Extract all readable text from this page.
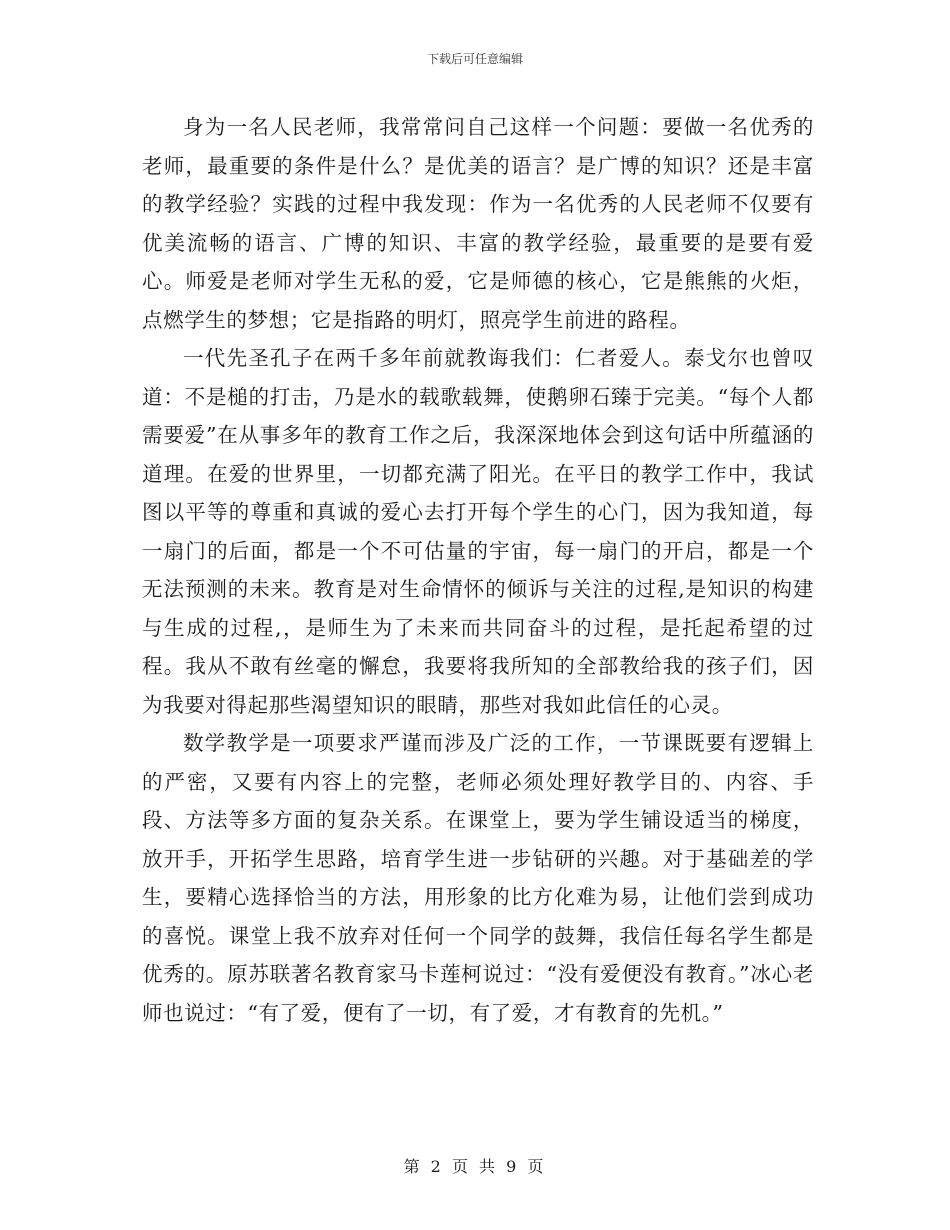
下载后可任意编辑

身为一名人民老师，我常常问自己这样一个问题：要做一名优秀的老师，最重要的条件是什么？是优美的语言？是广博的知识？还是丰富的教学经验？实践的过程中我发现：作为一名优秀的人民老师不仅要有优美流畅的语言、广博的知识、丰富的教学经验，最重要的是要有爱心。师爱是老师对学生无私的爱，它是师德的核心，它是熊熊的火炬，点燃学生的梦想；它是指路的明灯，照亮学生前进的路程。

一代先圣孔子在两千多年前就教诲我们：仁者爱人。泰戈尔也曾叹道：不是槌的打击，乃是水的载歌载舞，使鹅卵石臻于完美。“每个人都需要爱”在从事多年的教育工作之后，我深深地体会到这句话中所蕴涵的道理。在爱的世界里，一切都充满了阳光。在平日的教学工作中，我试图以平等的尊重和真诚的爱心去打开每个学生的心门，因为我知道，每一扇门的后面，都是一个不可估量的宇宙，每一扇门的开启，都是一个无法预测的未来。教育是对生命情怀的倾诉与关注的过程,是知识的构建与生成的过程,，是师生为了未来而共同奋斗的过程，是托起希望的过程。我从不敢有丝毫的懈怠，我要将我所知的全部教给我的孩子们，因为我要对得起那些渴望知识的眼睛，那些对我如此信任的心灵。

数学教学是一项要求严谨而涉及广泛的工作，一节课既要有逻辑上的严密，又要有内容上的完整，老师必须处理好教学目的、内容、手段、方法等多方面的复杂关系。在课堂上，要为学生铺设适当的梯度，放开手，开拓学生思路，培育学生进一步钻研的兴趣。对于基础差的学生，要精心选择恰当的方法，用形象的比方化难为易，让他们尝到成功的喜悦。课堂上我不放弃对任何一个同学的鼓舞，我信任每名学生都是优秀的。原苏联著名教育家马卡莲柯说过：“没有爱便没有教育。”冰心老师也说过：“有了爱，便有了一切，有了爱，才有教育的先机。”

第 2 页 共 9 页
